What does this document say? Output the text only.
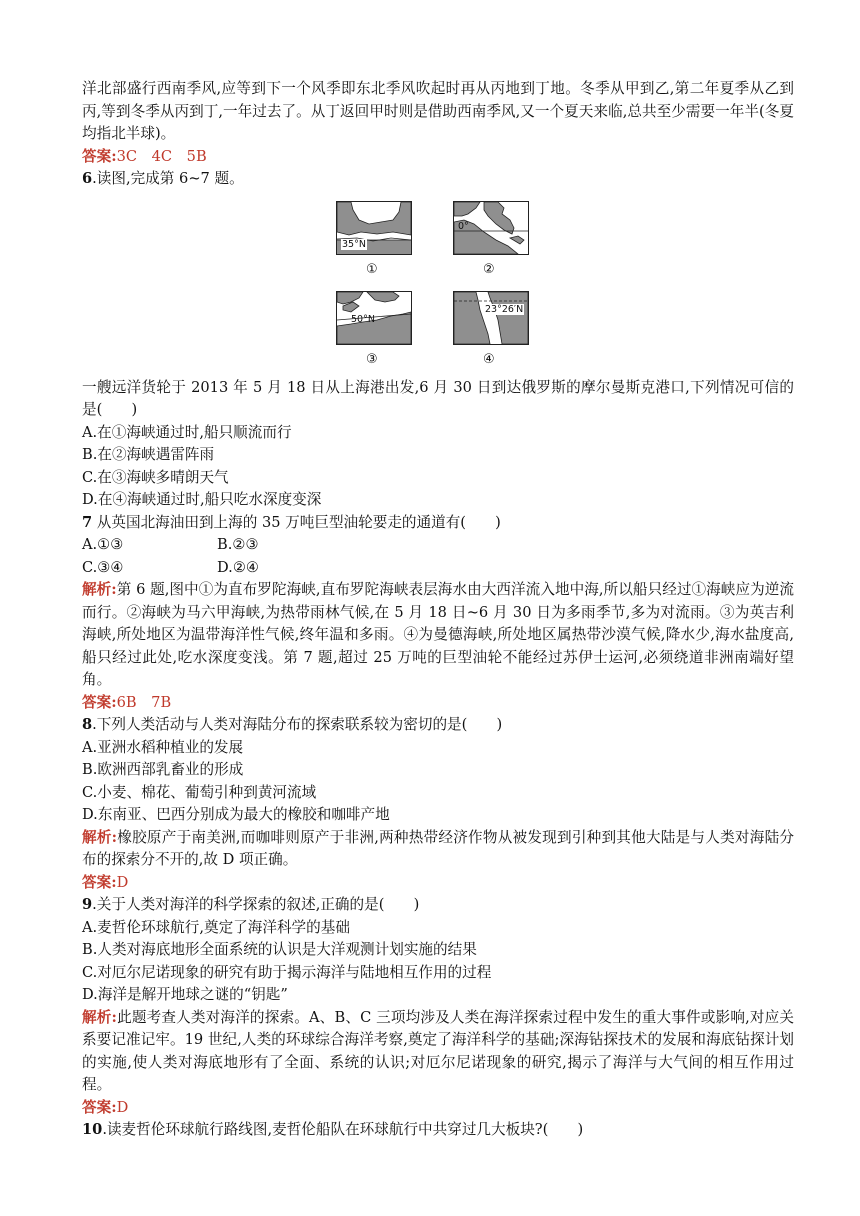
洋北部盛行西南季风,应等到下一个风季即东北季风吹起时再从丙地到丁地。冬季从甲到乙,第二年夏季从乙到丙,等到冬季从丙到丁,一年过去了。从丁返回甲时则是借助西南季风,又一个夏天来临,总共至少需要一年半(冬夏均指北半球)。

答案:3C　4C　5B

6.读图,完成第 6~7 题。

35°N
①
0°
②
50°N
③
23°26′N
④

一艘远洋货轮于 2013 年 5 月 18 日从上海港出发,6 月 30 日到达俄罗斯的摩尔曼斯克港口,下列情况可信的是(　　)

A.在①海峡通过时,船只顺流而行

B.在②海峡遇雷阵雨

C.在③海峡多晴朗天气

D.在④海峡通过时,船只吃水深度变深

7 从英国北海油田到上海的 35 万吨巨型油轮要走的通道有(　　)

A.①③	B.②③
C.③④	D.②④

解析:第 6 题,图中①为直布罗陀海峡,直布罗陀海峡表层海水由大西洋流入地中海,所以船只经过①海峡应为逆流而行。②海峡为马六甲海峡,为热带雨林气候,在 5 月 18 日~6 月 30 日为多雨季节,多为对流雨。③为英吉利海峡,所处地区为温带海洋性气候,终年温和多雨。④为曼德海峡,所处地区属热带沙漠气候,降水少,海水盐度高,船只经过此处,吃水深度变浅。第 7 题,超过 25 万吨的巨型油轮不能经过苏伊士运河,必须绕道非洲南端好望角。

答案:6B　7B

8.下列人类活动与人类对海陆分布的探索联系较为密切的是(　　)

A.亚洲水稻种植业的发展

B.欧洲西部乳畜业的形成

C.小麦、棉花、葡萄引种到黄河流域

D.东南亚、巴西分别成为最大的橡胶和咖啡产地

解析:橡胶原产于南美洲,而咖啡则原产于非洲,两种热带经济作物从被发现到引种到其他大陆是与人类对海陆分布的探索分不开的,故 D 项正确。

答案:D

9.关于人类对海洋的科学探索的叙述,正确的是(　　)

A.麦哲伦环球航行,奠定了海洋科学的基础

B.人类对海底地形全面系统的认识是大洋观测计划实施的结果

C.对厄尔尼诺现象的研究有助于揭示海洋与陆地相互作用的过程

D.海洋是解开地球之谜的“钥匙”

解析:此题考查人类对海洋的探索。A、B、C 三项均涉及人类在海洋探索过程中发生的重大事件或影响,对应关系要记准记牢。19 世纪,人类的环球综合海洋考察,奠定了海洋科学的基础;深海钻探技术的发展和海底钻探计划的实施,使人类对海底地形有了全面、系统的认识;对厄尔尼诺现象的研究,揭示了海洋与大气间的相互作用过程。

答案:D

10.读麦哲伦环球航行路线图,麦哲伦船队在环球航行中共穿过几大板块?(　　)
